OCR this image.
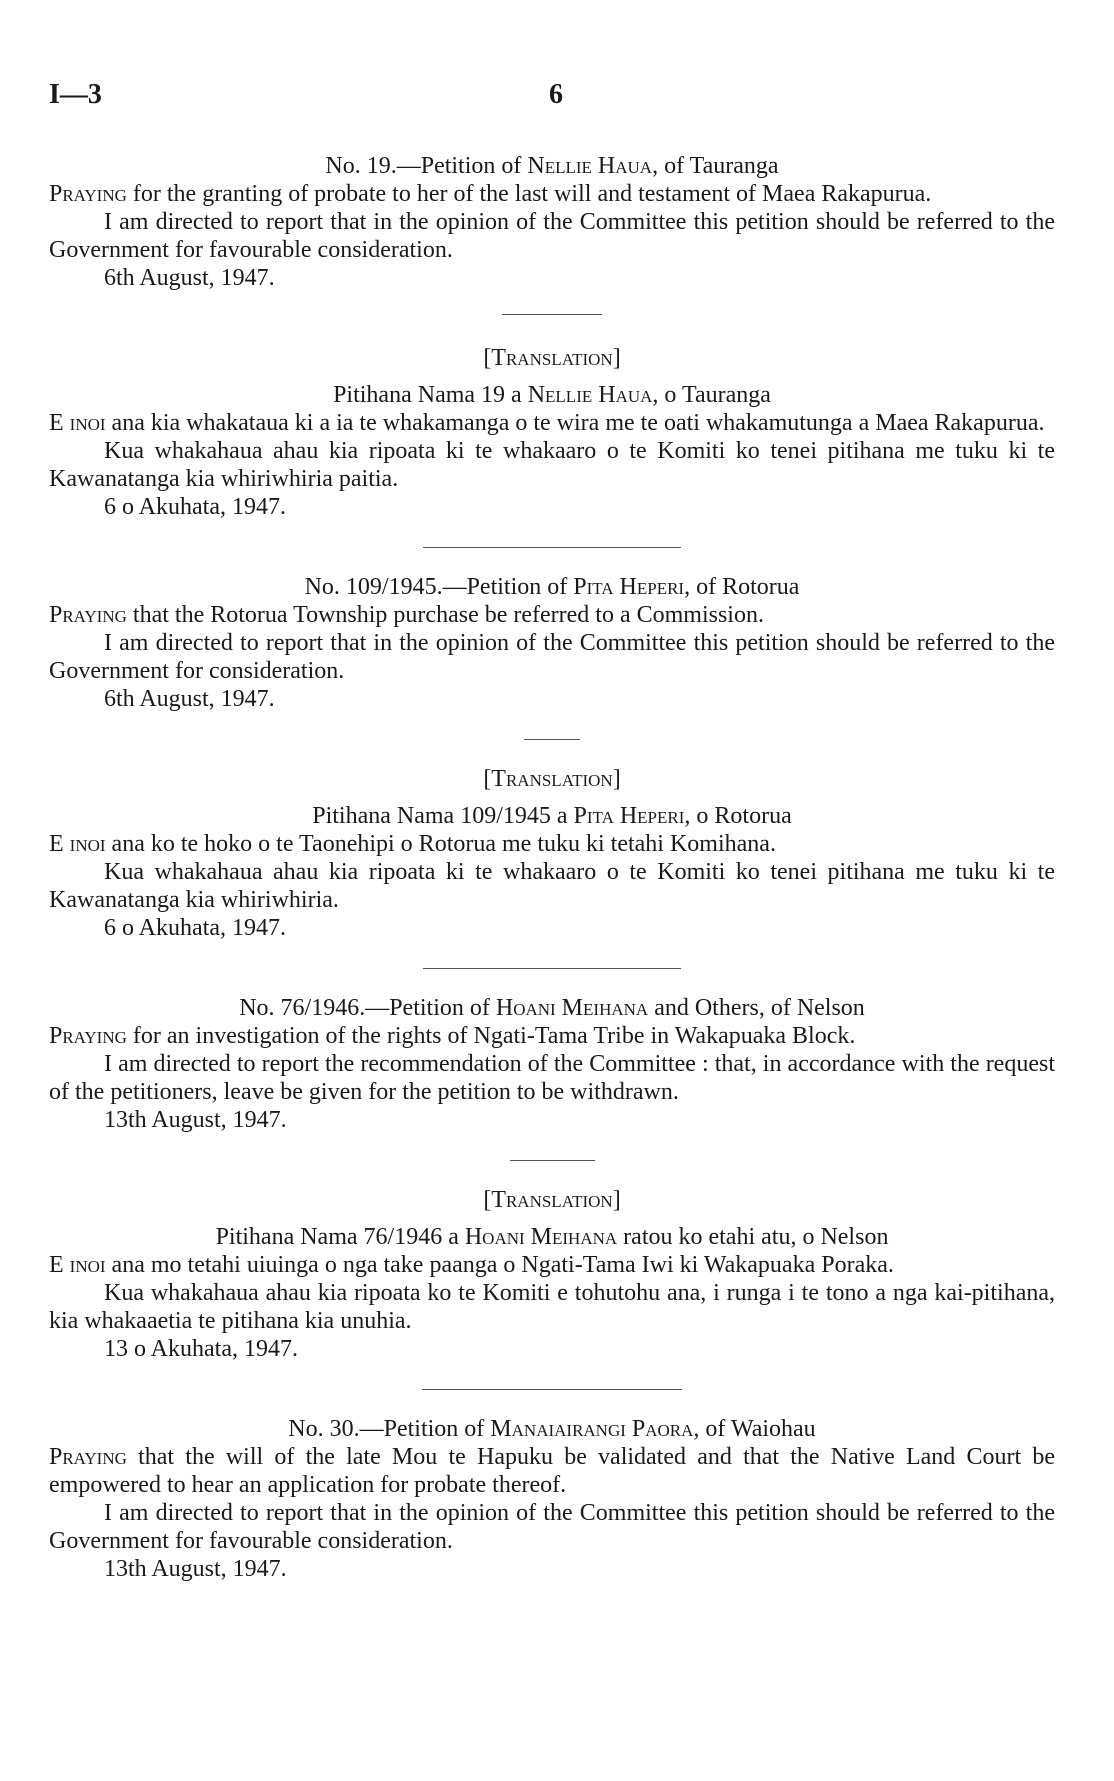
I—3	6

No. 19.—Petition of Nellie Haua, of Tauranga

Praying for the granting of probate to her of the last will and testament of Maea Rakapurua.

I am directed to report that in the opinion of the Committee this petition should be referred to the Government for favourable consideration.

6th August, 1947.

[Translation]

Pitihana Nama 19 a Nellie Haua, o Tauranga

E inoi ana kia whakataua ki a ia te whakamanga o te wira me te oati whakamutunga a Maea Rakapurua.

Kua whakahaua ahau kia ripoata ki te whakaaro o te Komiti ko tenei pitihana me tuku ki te Kawanatanga kia whiriwhiria paitia.

6 o Akuhata, 1947.

No. 109/1945.—Petition of Pita Heperi, of Rotorua

Praying that the Rotorua Township purchase be referred to a Commission.

I am directed to report that in the opinion of the Committee this petition should be referred to the Government for consideration.

6th August, 1947.

[Translation]

Pitihana Nama 109/1945 a Pita Heperi, o Rotorua

E inoi ana ko te hoko o te Taonehipi o Rotorua me tuku ki tetahi Komihana.

Kua whakahaua ahau kia ripoata ki te whakaaro o te Komiti ko tenei pitihana me tuku ki te Kawanatanga kia whiriwhiria.

6 o Akuhata, 1947.

No. 76/1946.—Petition of Hoani Meihana and Others, of Nelson

Praying for an investigation of the rights of Ngati-Tama Tribe in Wakapuaka Block.

I am directed to report the recommendation of the Committee : that, in accordance with the request of the petitioners, leave be given for the petition to be withdrawn.

13th August, 1947.

[Translation]

Pitihana Nama 76/1946 a Hoani Meihana ratou ko etahi atu, o Nelson

E inoi ana mo tetahi uiuinga o nga take paanga o Ngati-Tama Iwi ki Wakapuaka Poraka.

Kua whakahaua ahau kia ripoata ko te Komiti e tohutohu ana, i runga i te tono a nga kai-pitihana, kia whakaaetia te pitihana kia unuhia.

13 o Akuhata, 1947.

No. 30.—Petition of Manaiairangi Paora, of Waiohau

Praying that the will of the late Mou te Hapuku be validated and that the Native Land Court be empowered to hear an application for probate thereof.

I am directed to report that in the opinion of the Committee this petition should be referred to the Government for favourable consideration.

13th August, 1947.
